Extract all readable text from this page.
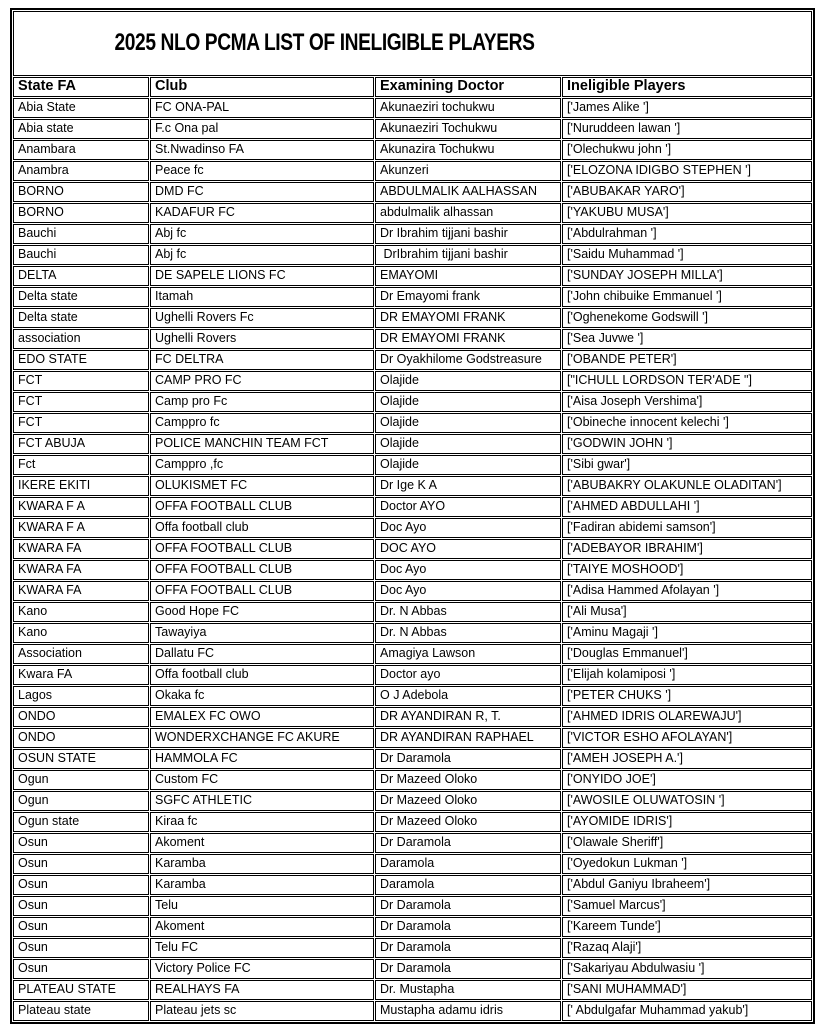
2025 NLO PCMA LIST OF INELIGIBLE PLAYERS			

State FA	Club	Examining Doctor	Ineligible Players
Abia State	FC ONA-PAL	Akunaeziri tochukwu	['James Alike ']
Abia state	F.c Ona pal	Akunaeziri Tochukwu	['Nuruddeen lawan ']
Anambara	St.Nwadinso FA	Akunazira Tochukwu	['Olechukwu john ']
Anambra	Peace fc	Akunzeri	['ELOZONA IDIGBO STEPHEN ']
BORNO	DMD FC	ABDULMALIK AALHASSAN	['ABUBAKAR YARO']
BORNO	KADAFUR FC	abdulmalik alhassan	['YAKUBU MUSA']
Bauchi	Abj fc	Dr Ibrahim tijjani bashir	['Abdulrahman ']
Bauchi	Abj fc	DrIbrahim tijjani bashir	['Saidu Muhammad ']
DELTA	DE SAPELE LIONS FC	EMAYOMI	['SUNDAY JOSEPH MILLA']
Delta state	Itamah	Dr Emayomi frank	['John chibuike Emmanuel ']
Delta state	Ughelli Rovers Fc	DR EMAYOMI FRANK	['Oghenekome Godswill ']
association	Ughelli Rovers	DR EMAYOMI FRANK	['Sea Juvwe ']
EDO STATE	FC DELTRA	Dr Oyakhilome Godstreasure	['OBANDE PETER']
FCT	CAMP PRO FC	Olajide	["ICHULL LORDSON TER'ADE "]
FCT	Camp pro Fc	Olajide	['Aisa Joseph Vershima']
FCT	Camppro fc	Olajide	['Obineche innocent kelechi ']
FCT ABUJA	POLICE MANCHIN TEAM FCT	Olajide	['GODWIN JOHN ']
Fct	Camppro ,fc	Olajide	['Sibi gwar']
IKERE EKITI	OLUKISMET FC	Dr Ige K A	['ABUBAKRY OLAKUNLE OLADITAN']
KWARA F A	OFFA FOOTBALL CLUB	Doctor AYO	['AHMED ABDULLAHI ']
KWARA F A	Offa football club	Doc Ayo	['Fadiran abidemi samson']
KWARA FA	OFFA FOOTBALL CLUB	DOC AYO	['ADEBAYOR IBRAHIM']
KWARA FA	OFFA FOOTBALL CLUB	Doc Ayo	['TAIYE MOSHOOD']
KWARA FA	OFFA FOOTBALL CLUB	Doc Ayo	['Adisa Hammed Afolayan ']
Kano	Good Hope FC	Dr. N Abbas	['Ali Musa']
Kano	Tawayiya	Dr. N Abbas	['Aminu Magaji ']
Association	Dallatu FC	Amagiya Lawson	['Douglas Emmanuel']
Kwara FA	Offa football club	Doctor ayo	['Elijah kolamiposi ']
Lagos	Okaka fc	O J Adebola	['PETER CHUKS ']
ONDO	EMALEX FC OWO	DR AYANDIRAN R, T.	['AHMED IDRIS OLAREWAJU']
ONDO	WONDERXCHANGE FC AKURE	DR AYANDIRAN RAPHAEL	['VICTOR ESHO AFOLAYAN']
OSUN STATE	HAMMOLA FC	Dr Daramola	['AMEH JOSEPH A.']
Ogun	Custom FC	Dr Mazeed Oloko	['ONYIDO JOE']
Ogun	SGFC ATHLETIC	Dr Mazeed Oloko	['AWOSILE OLUWATOSIN ']
Ogun state	Kiraa fc	Dr Mazeed Oloko	['AYOMIDE IDRIS']
Osun	Akoment	Dr Daramola	['Olawale Sheriff']
Osun	Karamba	Daramola	['Oyedokun Lukman ']
Osun	Karamba	Daramola	['Abdul Ganiyu Ibraheem']
Osun	Telu	Dr Daramola	['Samuel Marcus']
Osun	Akoment	Dr Daramola	['Kareem Tunde']
Osun	Telu FC	Dr Daramola	['Razaq Alaji']
Osun	Victory Police FC	Dr Daramola	['Sakariyau Abdulwasiu ']
PLATEAU STATE	REALHAYS FA	Dr. Mustapha	['SANI MUHAMMAD']
Plateau state	Plateau jets sc	Mustapha adamu idris	[' Abdulgafar Muhammad yakub']
